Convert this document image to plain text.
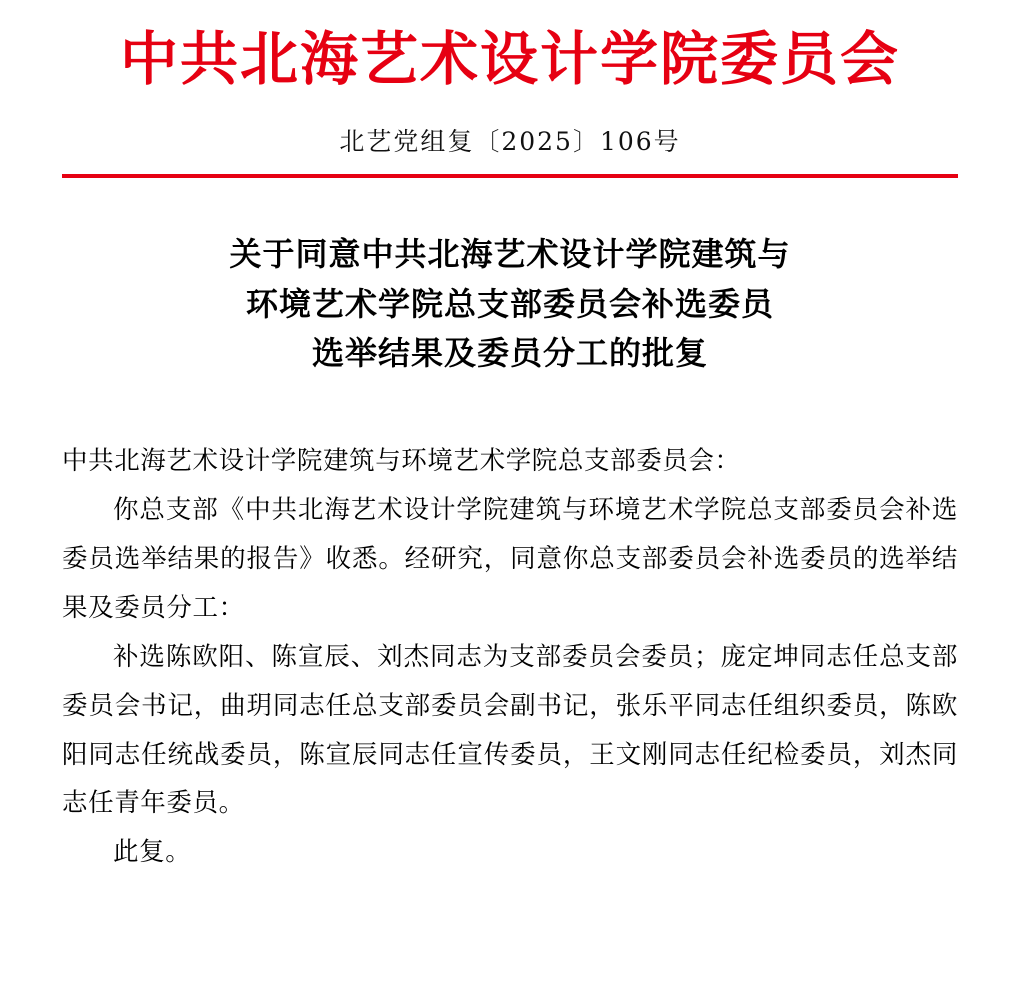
中共北海艺术设计学院委员会
北艺党组复〔2025〕106号
关于同意中共北海艺术设计学院建筑与
环境艺术学院总支部委员会补选委员
选举结果及委员分工的批复

中共北海艺术设计学院建筑与环境艺术学院总支部委员会：

你总支部《中共北海艺术设计学院建筑与环境艺术学院总支部委员会补选委员选举结果的报告》收悉。经研究，同意你总支部委员会补选委员的选举结果及委员分工：

补选陈欧阳、陈宣辰、刘杰同志为支部委员会委员；庞定坤同志任总支部委员会书记，曲玥同志任总支部委员会副书记，张乐平同志任组织委员，陈欧阳同志任统战委员，陈宣辰同志任宣传委员，王文刚同志任纪检委员，刘杰同志任青年委员。

此复。
